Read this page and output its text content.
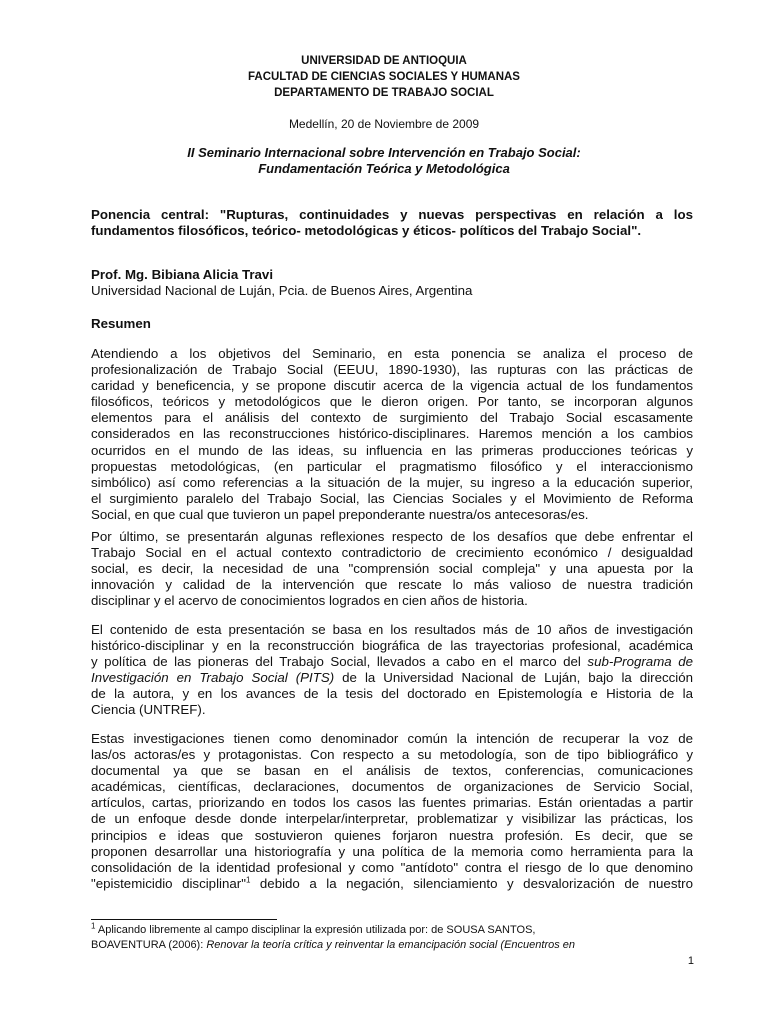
UNIVERSIDAD DE ANTIOQUIA
FACULTAD DE CIENCIAS SOCIALES Y HUMANAS
DEPARTAMENTO DE TRABAJO SOCIAL
Medellín, 20 de Noviembre de 2009
II Seminario Internacional sobre Intervención en Trabajo Social:
Fundamentación Teórica y Metodológica
Ponencia central: "Rupturas, continuidades y nuevas perspectivas en relación a los
fundamentos filosóficos, teórico- metodológicas y éticos- políticos del Trabajo Social".
Prof. Mg. Bibiana Alicia Travi
Universidad Nacional de Luján, Pcia. de Buenos Aires, Argentina
Resumen

Atendiendo a los objetivos del Seminario, en esta ponencia se analiza el proceso de

profesionalización de Trabajo Social (EEUU, 1890-1930), las rupturas con las prácticas de

caridad y beneficencia, y se propone discutir acerca de la vigencia actual de los fundamentos

filosóficos, teóricos y metodológicos que le dieron origen. Por tanto, se incorporan algunos

elementos para el análisis del contexto de surgimiento del Trabajo Social escasamente

considerados en las reconstrucciones histórico-disciplinares. Haremos mención a los cambios

ocurridos en el mundo de las ideas, su influencia en las primeras producciones teóricas y

propuestas metodológicas, (en particular el pragmatismo filosófico y el interaccionismo

simbólico) así como referencias a la situación de la mujer, su ingreso a la educación superior,

el surgimiento paralelo del Trabajo Social, las Ciencias Sociales y el Movimiento de Reforma

Social, en que cual que tuvieron un papel preponderante nuestra/os antecesoras/es.

Por último, se presentarán algunas reflexiones respecto de los desafíos que debe enfrentar el

Trabajo Social en el actual contexto contradictorio de crecimiento económico / desigualdad

social, es decir, la necesidad de una "comprensión social compleja" y una apuesta por la

innovación y calidad de la intervención que rescate lo más valioso de nuestra tradición

disciplinar y el acervo de conocimientos logrados en cien años de historia.

El contenido de esta presentación se basa en los resultados más de 10 años de investigación

histórico-disciplinar y en la reconstrucción biográfica de las trayectorias profesional, académica

y política de las pioneras del Trabajo Social, llevados a cabo en el marco del sub-Programa de

Investigación en Trabajo Social (PITS) de la Universidad Nacional de Luján, bajo la dirección

de la autora, y en los avances de la tesis del doctorado en Epistemología e Historia de la

Ciencia (UNTREF).

Estas investigaciones tienen como denominador común la intención de recuperar la voz de

las/os actoras/es y protagonistas. Con respecto a su metodología, son de tipo bibliográfico y

documental ya que se basan en el análisis de textos, conferencias, comunicaciones

académicas, científicas, declaraciones, documentos de organizaciones de Servicio Social,

artículos, cartas, priorizando en todos los casos las fuentes primarias. Están orientadas a partir

de un enfoque desde donde interpelar/interpretar, problematizar y visibilizar las prácticas, los

principios e ideas que sostuvieron quienes forjaron nuestra profesión. Es decir, que se

proponen desarrollar una historiografía y una política de la memoria como herramienta para la

consolidación de la identidad profesional y como "antídoto" contra el riesgo de lo que denomino

"epistemicidio disciplinar"$^1$ debido a la negación, silenciamiento y desvalorización de nuestro

$^1$ Aplicando libremente al campo disciplinar la expresión utilizada por: de SOUSA SANTOS,
BOAVENTURA (2006): Renovar la teoría crítica y reinventar la emancipación social (Encuentros en
1
